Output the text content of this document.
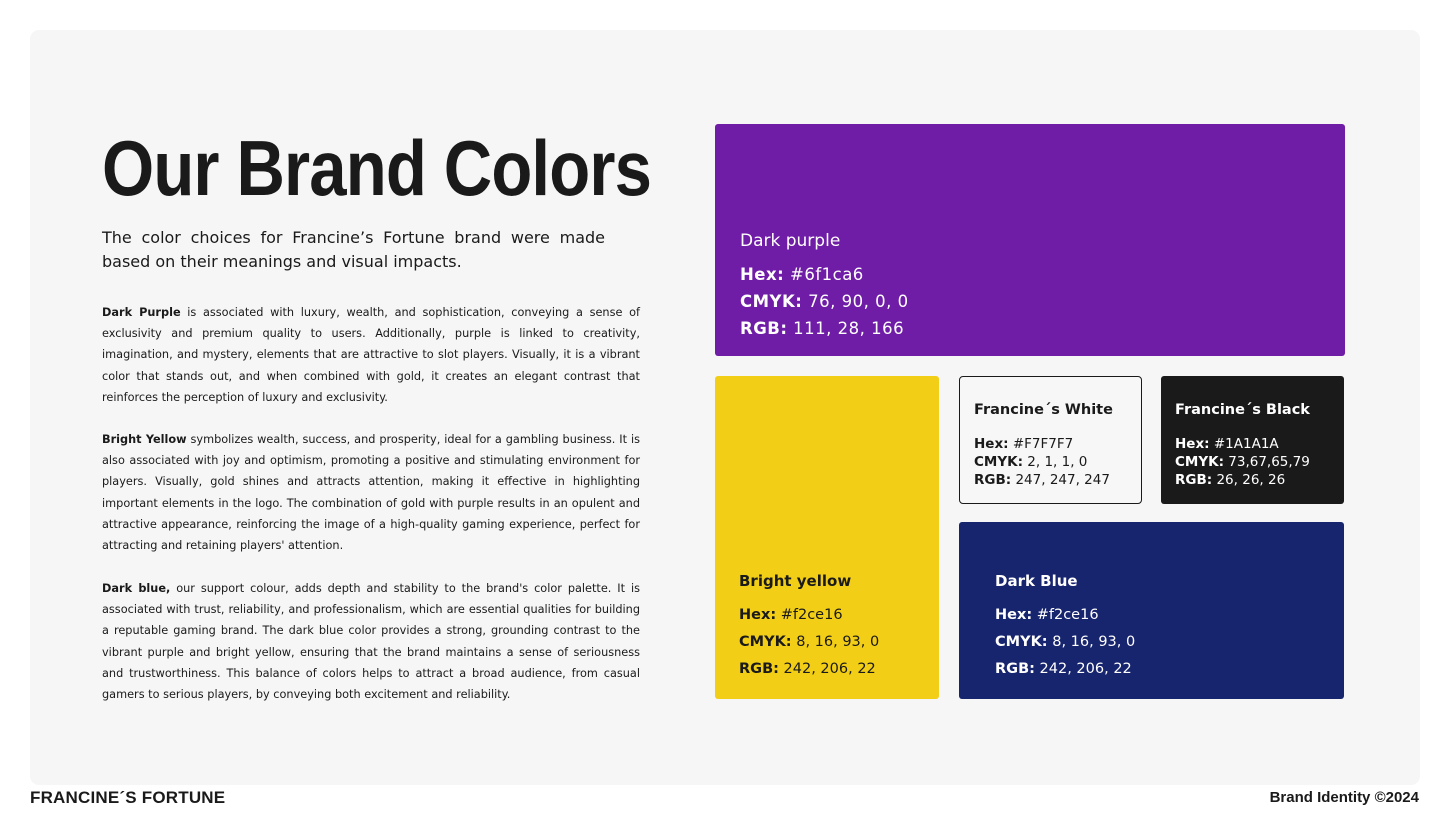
Our Brand Colors

The color choices for Francine’s Fortune brand were made based on their meanings and visual impacts.

Dark Purple is associated with luxury, wealth, and sophistication, conveying a sense of exclusivity and premium quality to users. Additionally, purple is linked to creativity, imagination, and mystery, elements that are attractive to slot players. Visually, it is a vibrant color that stands out, and when combined with gold, it creates an elegant contrast that reinforces the perception of luxury and exclusivity.

Bright Yellow symbolizes wealth, success, and prosperity, ideal for a gambling business. It is also associated with joy and optimism, promoting a positive and stimulating environment for players. Visually, gold shines and attracts attention, making it effective in highlighting important elements in the logo. The combination of gold with purple results in an opulent and attractive appearance, reinforcing the image of a high-quality gaming experience, perfect for attracting and retaining players' attention.

Dark blue, our support colour, adds depth and stability to the brand's color palette. It is associated with trust, reliability, and professionalism, which are essential qualities for building a reputable gaming brand. The dark blue color provides a strong, grounding contrast to the vibrant purple and bright yellow, ensuring that the brand maintains a sense of seriousness and trustworthiness. This balance of colors helps to attract a broad audience, from casual gamers to serious players, by conveying both excitement and reliability.

Dark purple
Hex: #6f1ca6
CMYK: 76, 90, 0, 0
RGB: 111, 28, 166
Bright yellow
Hex: #f2ce16
CMYK: 8, 16, 93, 0
RGB: 242, 206, 22
Francine´s White
Hex: #F7F7F7
CMYK: 2, 1, 1, 0
RGB: 247, 247, 247
Francine´s Black
Hex: #1A1A1A
CMYK: 73,67,65,79
RGB: 26, 26, 26
Dark Blue
Hex: #f2ce16
CMYK: 8, 16, 93, 0
RGB: 242, 206, 22
FRANCINE´S FORTUNE	Brand Identity ©2024
